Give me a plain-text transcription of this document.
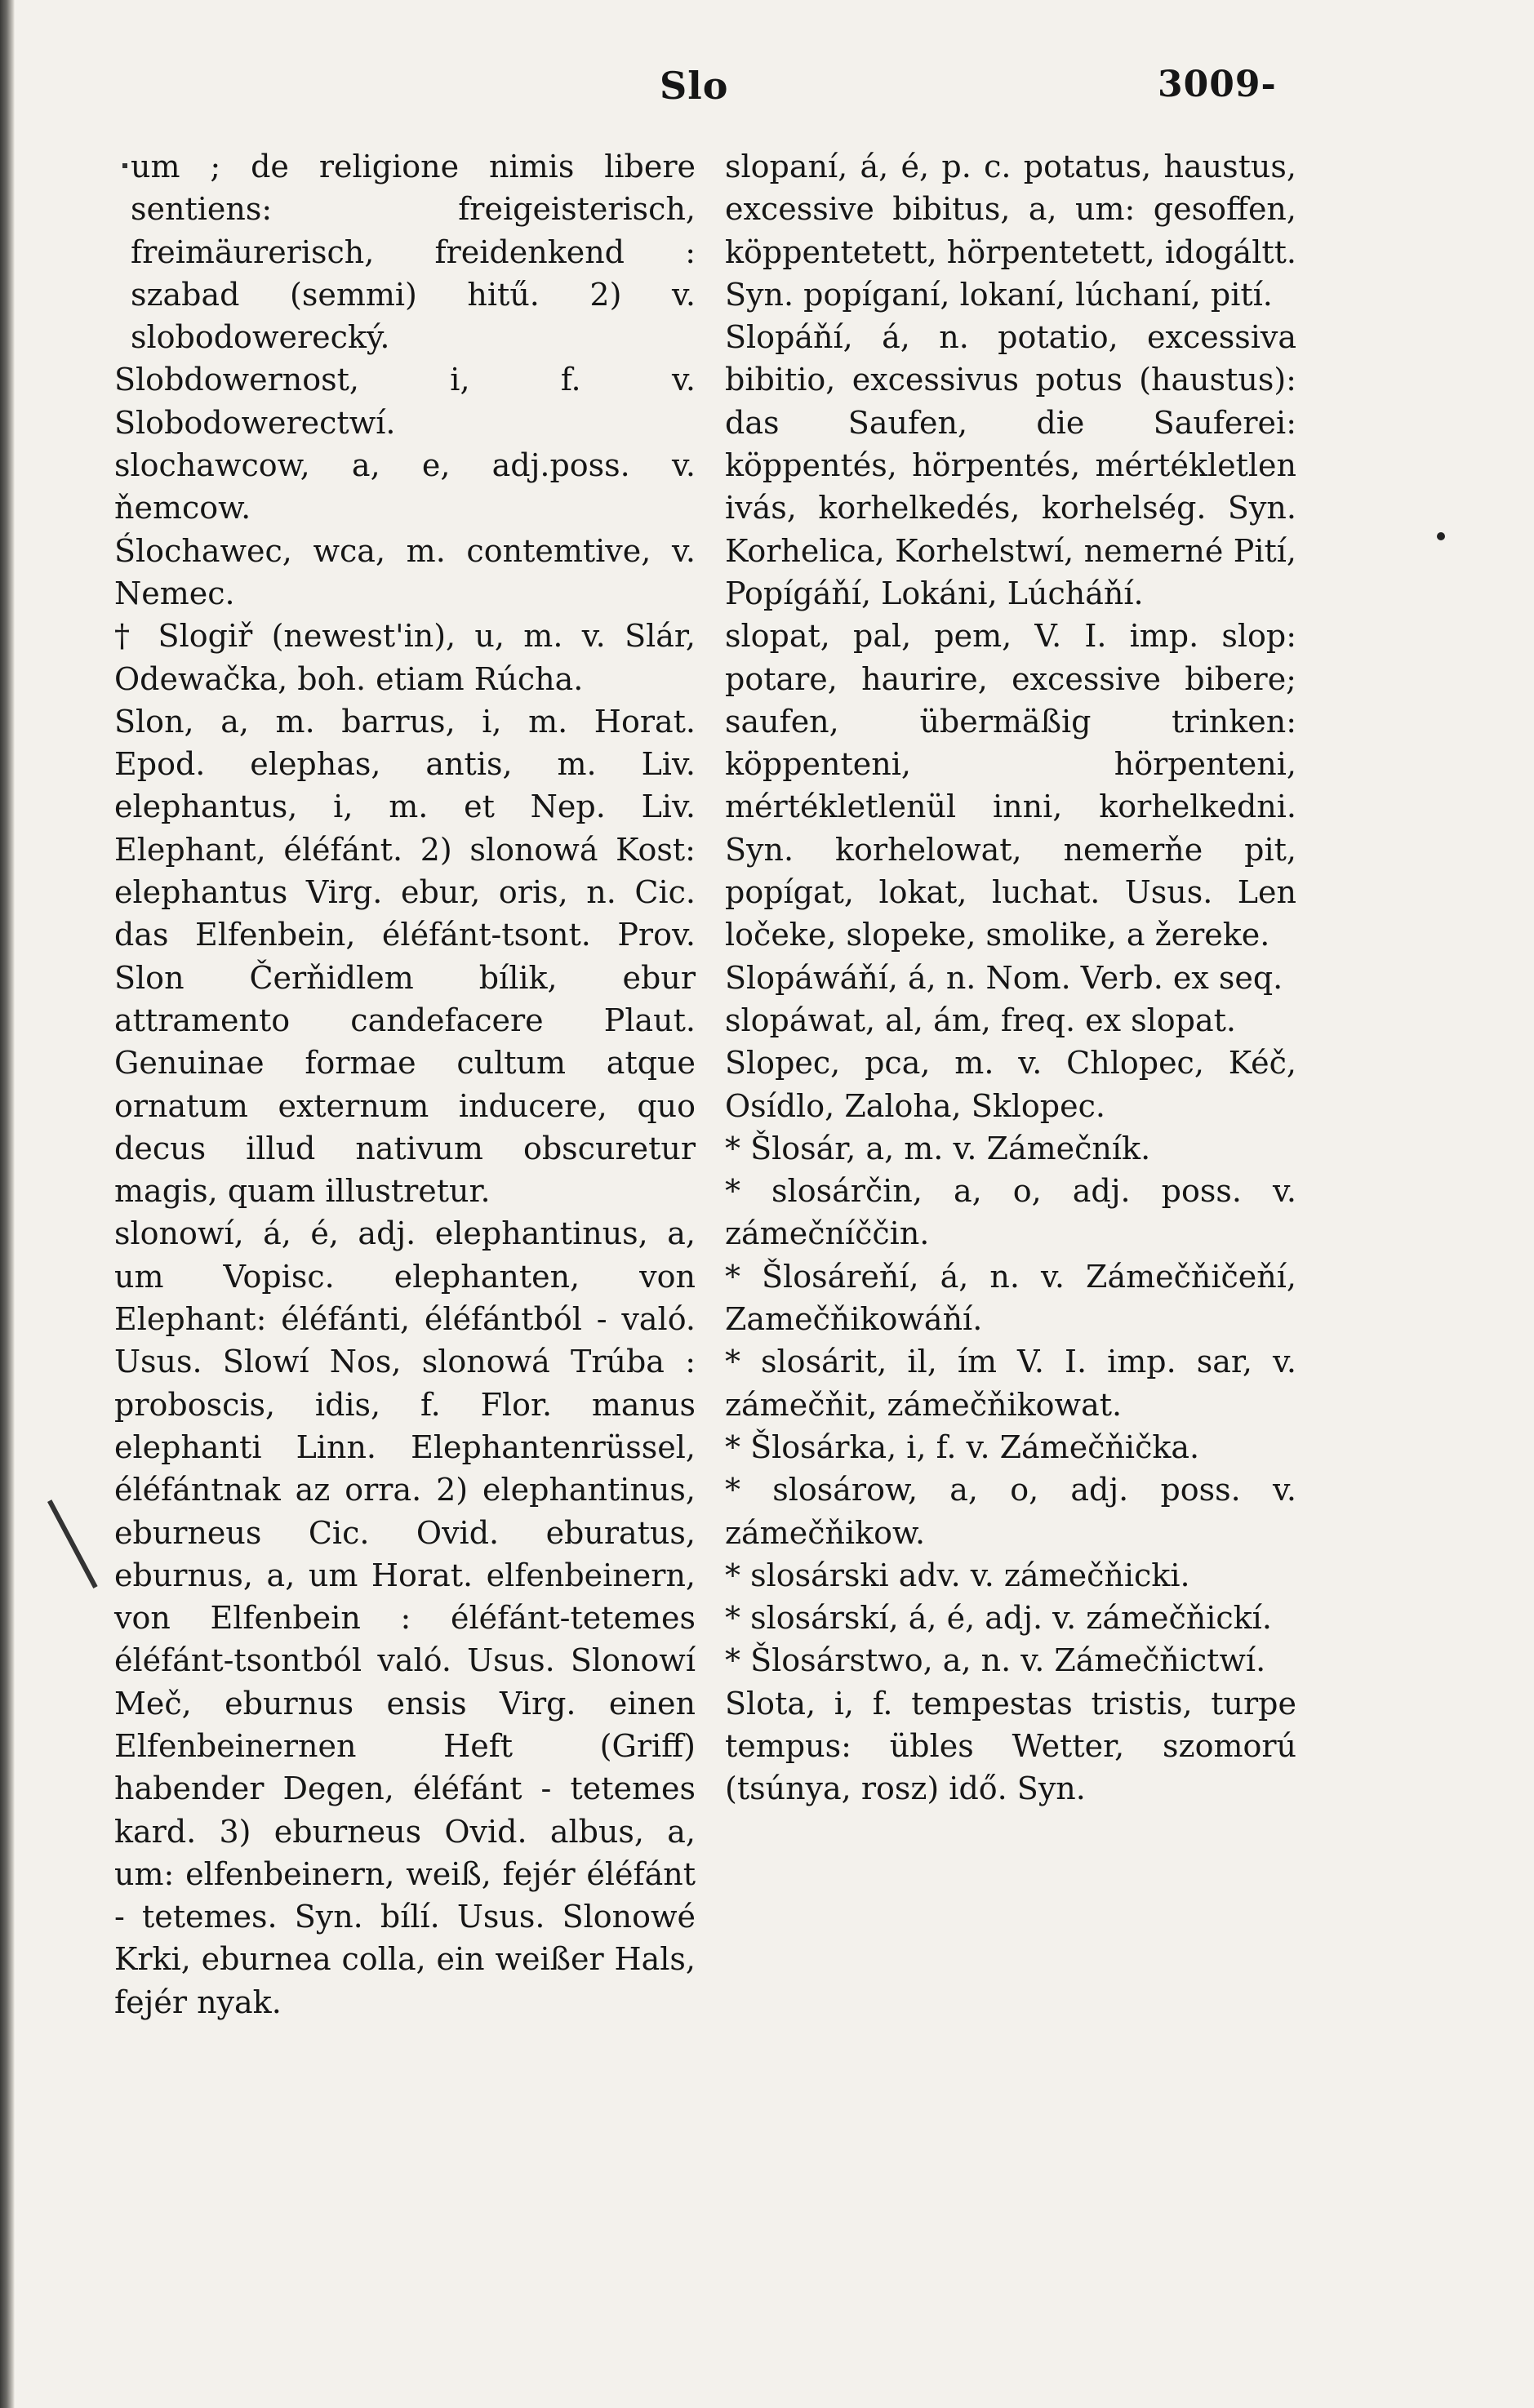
Slo	3009-

um ; de religione nimis libere sentiens: freigeisterisch, freimäurerisch, freidenkend : szabad (semmi) hitű. 2) v. slobodowerecký.

Slobdowernost, i, f. v. Slobodowerectwí.

slochawcow, a, e, adj.poss. v. ňemcow.

Ślochawec, wca, m. contemtive, v. Nemec.

† Slogiř (newest'in), u, m. v. Slár, Odewačka, boh. etiam Rúcha.

Slon, a, m. barrus, i, m. Horat. Epod. elephas, antis, m. Liv. elephantus, i, m. et Nep. Liv. Elephant, éléfánt. 2) slonowá Kost: elephantus Virg. ebur, oris, n. Cic. das Elfenbein, éléfánt-tsont. Prov. Slon Čerňidlem bílik, ebur attramento candefacere Plaut. Genuinae formae cultum atque ornatum externum inducere, quo decus illud nativum obscuretur magis, quam illustretur.

slonowí, á, é, adj. elephantinus, a, um Vopisc. elephanten, von Elephant: éléfánti, éléfántból - való. Usus. Slowí Nos, slonowá Trúba : proboscis, idis, f. Flor. manus elephanti Linn. Elephantenrüssel, éléfántnak az orra. 2) elephantinus, eburneus Cic. Ovid. eburatus, eburnus, a, um Horat. elfenbeinern, von Elfenbein : éléfánt-tetemes éléfánt-tsontból való. Usus. Slonowí Meč, eburnus ensis Virg. einen Elfenbeinernen Heft (Griff) habender Degen, éléfánt - tetemes kard. 3) eburneus Ovid. albus, a, um: elfenbeinern, weiß, fejér éléfánt - tetemes. Syn. bílí. Usus. Slonowé Krki, eburnea colla, ein weißer Hals, fejér nyak.

slopaní, á, é, p. c. potatus, haustus, excessive bibitus, a, um: gesoffen, köppentetett, hörpentetett, idogáltt. Syn. popíganí, lokaní, lúchaní, pití.

Slopáňí, á, n. potatio, excessiva bibitio, excessivus potus (haustus): das Saufen, die Sauferei: köppentés, hörpentés, mértékletlen ivás, korhelkedés, korhelség. Syn. Korhelica, Korhelstwí, nemerné Pití, Popígáňí, Lokáni, Lúcháňí.

slopat, pal, pem, V. I. imp. slop: potare, haurire, excessive bibere; saufen, übermäßig trinken: köppenteni, hörpenteni, mértékletlenül inni, korhelkedni. Syn. korhelowat, nemerňe pit, popígat, lokat, luchat. Usus. Len ločeke, slopeke, smolike, a žereke.

Slopáwáňí, á, n. Nom. Verb. ex seq.

slopáwat, al, ám, freq. ex slopat.

Slopec, pca, m. v. Chlopec, Kéč, Osídlo, Zaloha, Sklopec.

* Šlosár, a, m. v. Zámečník.

* slosárčin, a, o, adj. poss. v. zámečníččin.

* Šlosáreňí, á, n. v. Zámečňičeňí, Zamečňikowáňí.

* slosárit, il, ím V. I. imp. sar, v. zámečňit, zámečňikowat.

* Šlosárka, i, f. v. Zámečňička.

* slosárow, a, o, adj. poss. v. zámečňikow.

* slosárski adv. v. zámečňicki.

* slosárskí, á, é, adj. v. zámečňickí.

* Šlosárstwo, a, n. v. Zámečňictwí.

Slota, i, f. tempestas tristis, turpe tempus: übles Wetter, szomorú (tsúnya, rosz) idő. Syn.
